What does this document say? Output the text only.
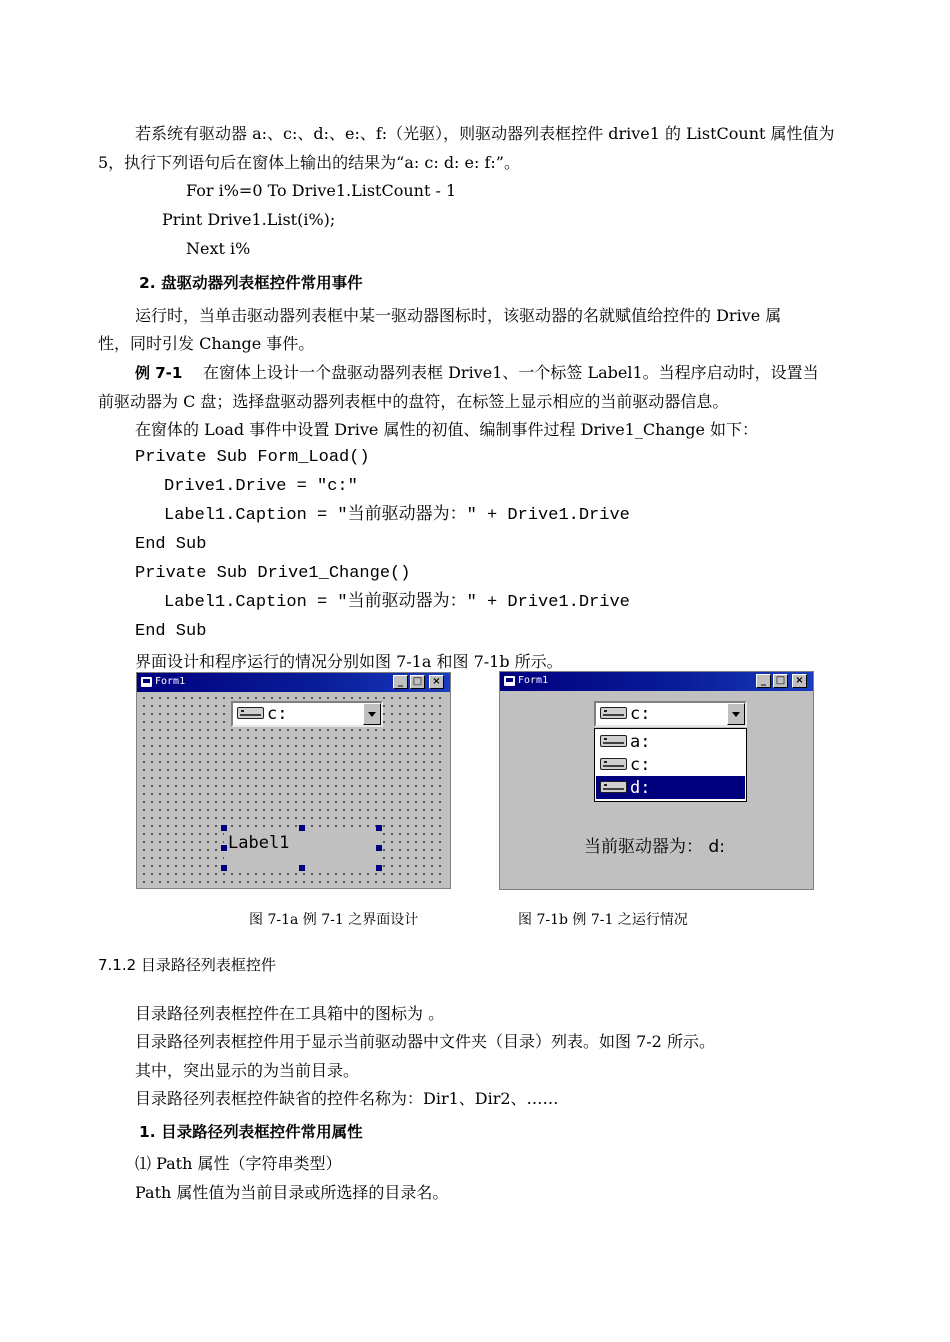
若系统有驱动器 a:、c:、d:、e:、f:（光驱），则驱动器列表框控件 drive1 的 ListCount 属性值为
5，执行下列语句后在窗体上输出的结果为“a: c: d: e: f:”。
For i%=0 To Drive1.ListCount - 1
Print Drive1.List(i%);
Next i%
2. 盘驱动器列表框控件常用事件
运行时，当单击驱动器列表框中某一驱动器图标时，该驱动器的名就赋值给控件的 Drive 属
性，同时引发 Change 事件。
例 7-1 在窗体上设计一个盘驱动器列表框 Drive1、一个标签 Label1。当程序启动时，设置当
前驱动器为 C 盘；选择盘驱动器列表框中的盘符，在标签上显示相应的当前驱动器信息。
在窗体的 Load 事件中设置 Drive 属性的初值、编制事件过程 Drive1_Change 如下：
Private Sub Form_Load()
Drive1.Drive = "c:"
Label1.Caption = "当前驱动器为：" + Drive1.Drive
End Sub
Private Sub Drive1_Change()
Label1.Caption = "当前驱动器为：" + Drive1.Drive
End Sub
界面设计和程序运行的情况分别如图 7-1a 和图 7-1b 所示。
Form1	_ □	×
c:
Label1
Form1	_ □	×
c:
a:
c:
d:
当前驱动器为： d:
图 7-1a 例 7-1 之界面设计	图 7-1b 例 7-1 之运行情况
7.1.2 目录路径列表框控件
目录路径列表框控件在工具箱中的图标为 。
目录路径列表框控件用于显示当前驱动器中文件夹（目录）列表。如图 7-2 所示。
其中，突出显示的为当前目录。
目录路径列表框控件缺省的控件名称为：Dir1、Dir2、……
1. 目录路径列表框控件常用属性
⑴ Path 属性（字符串类型）
Path 属性值为当前目录或所选择的目录名。
